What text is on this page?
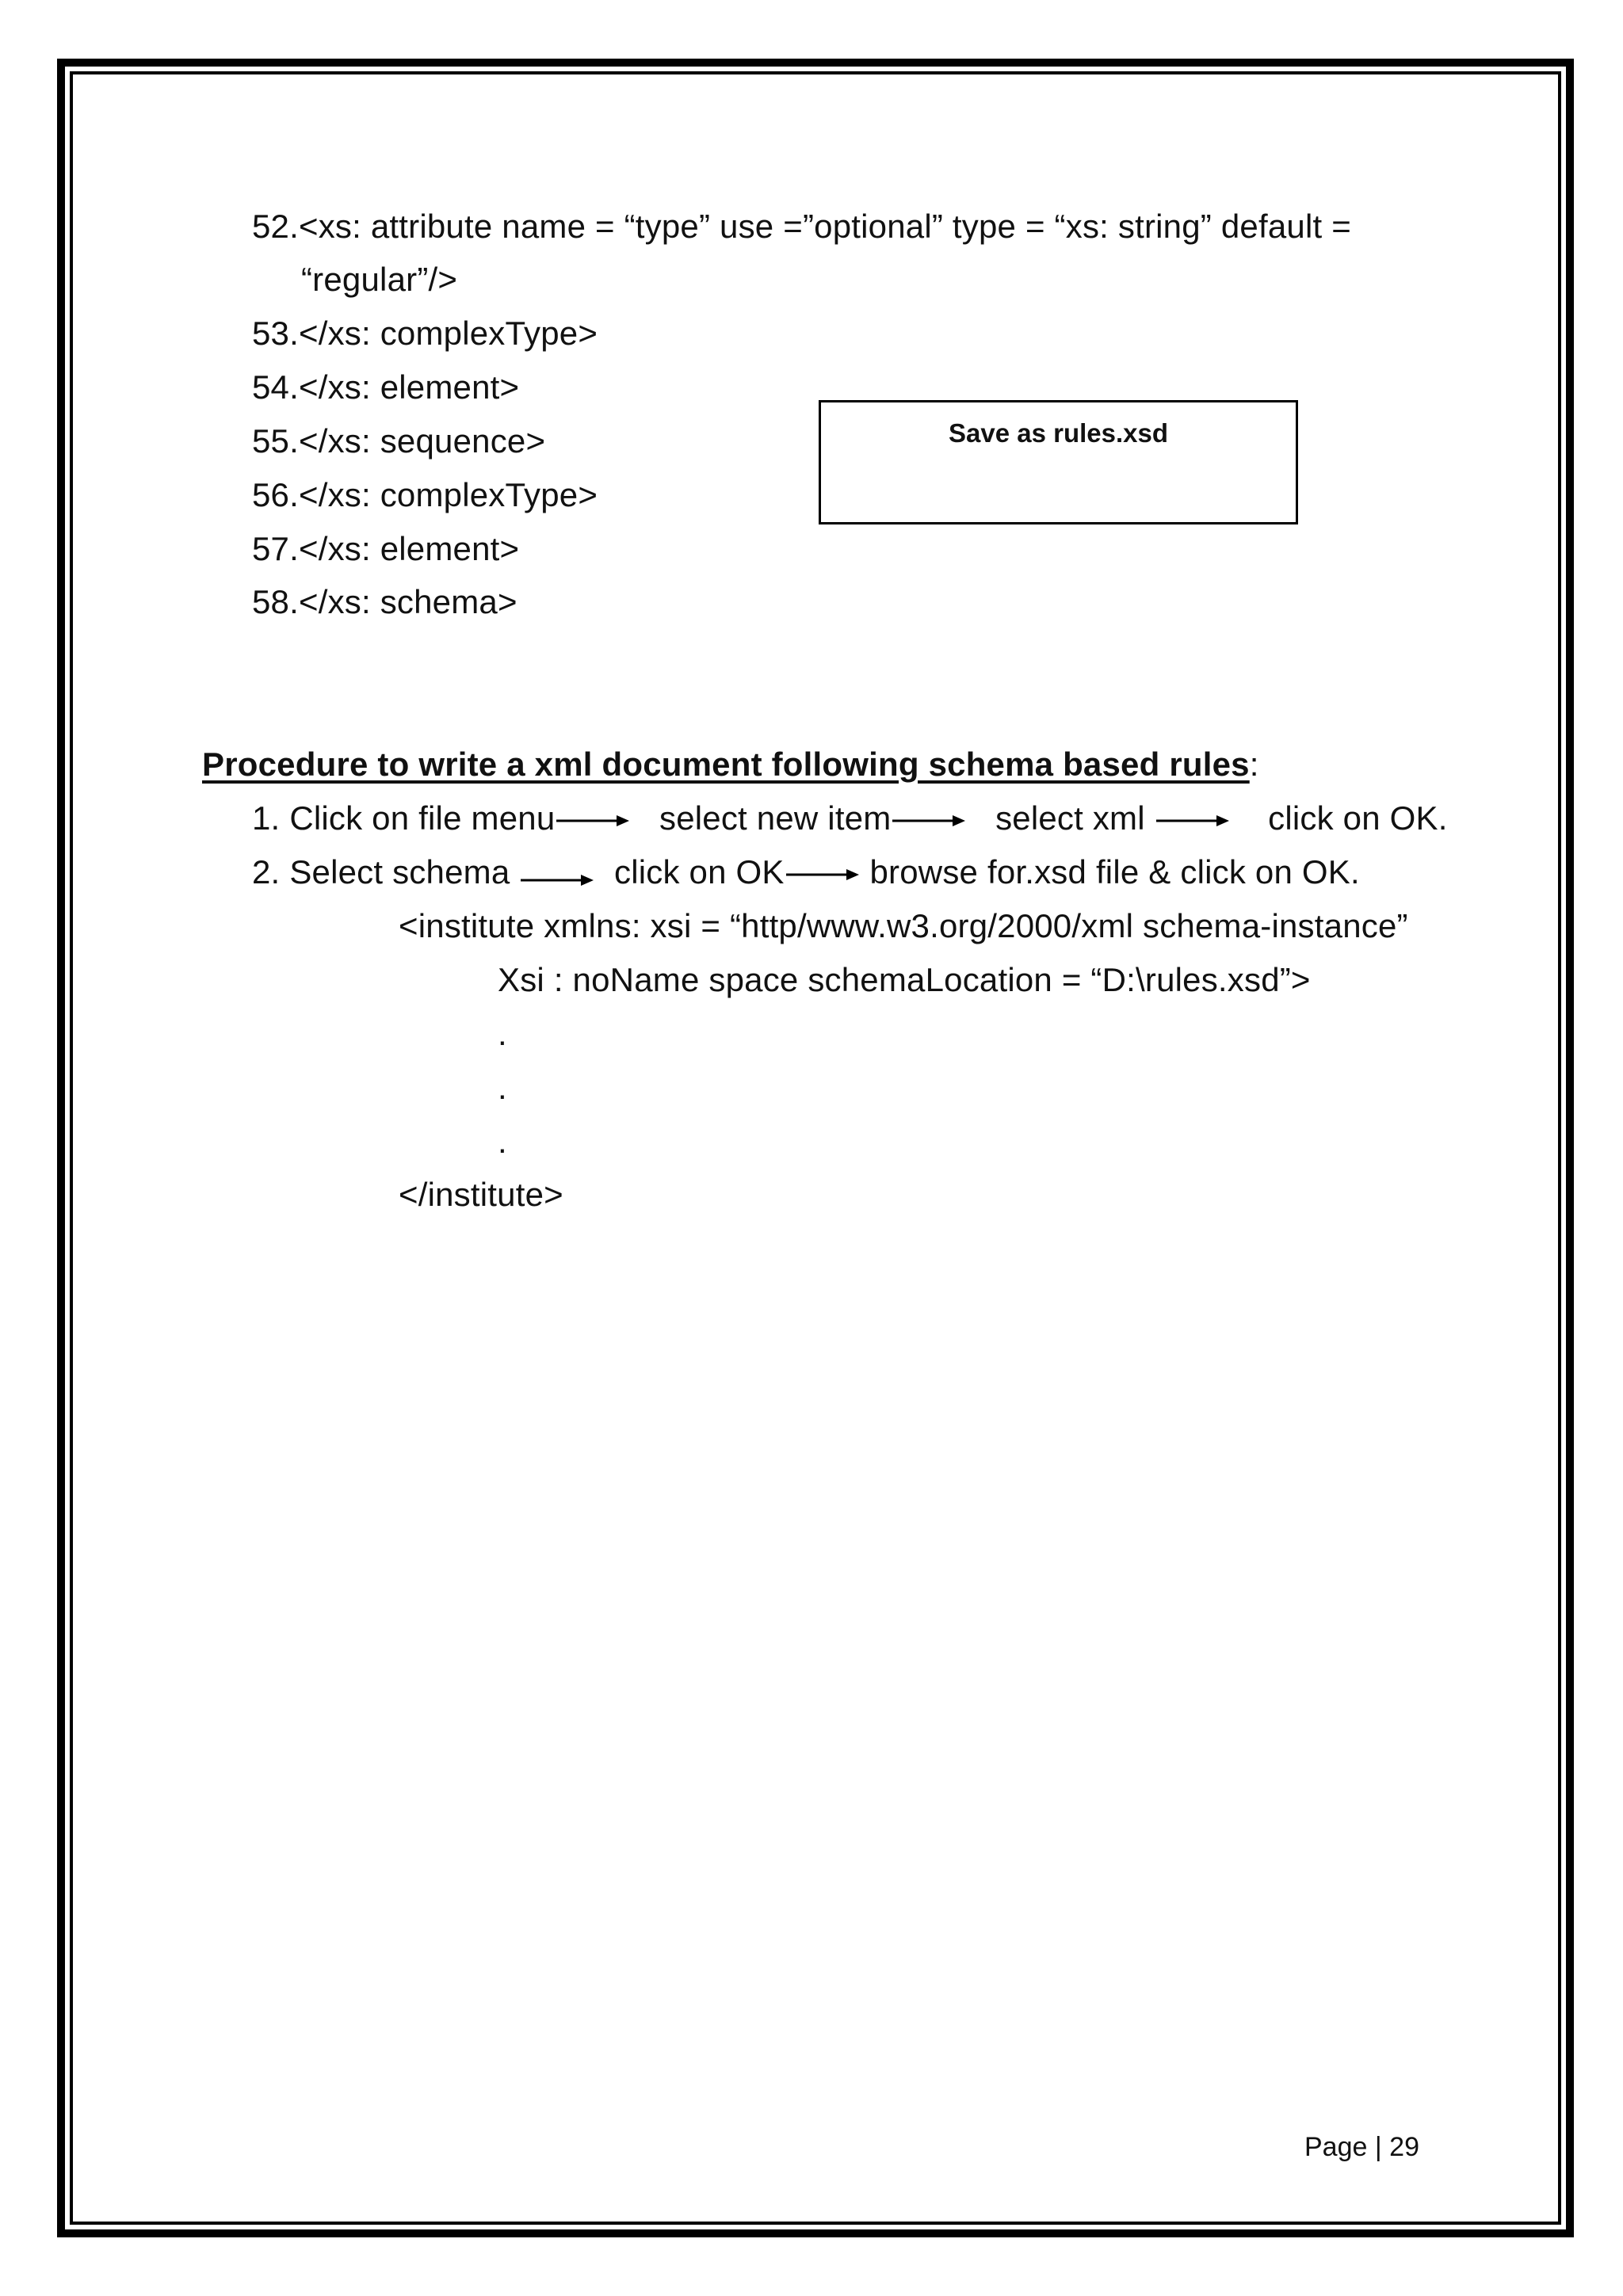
52.<xs: attribute name = “type” use =”optional” type = “xs: string” default =
“regular”/>
53.</xs: complexType>
54.</xs: element>
55.</xs: sequence>
56.</xs: complexType>
57.</xs: element>
58.</xs: schema>
Save as rules.xsd
Procedure to write a xml document following schema based rules:
1. Click on file menu	select new item	select xml	click on OK.
2. Select schema	click on OK	browse for.xsd file & click on OK.
<institute xmlns: xsi = “http/www.w3.org/2000/xml schema-instance”
Xsi : noName space schemaLocation = “D:\rules.xsd”>
.
.
.
</institute>
Page | 29
